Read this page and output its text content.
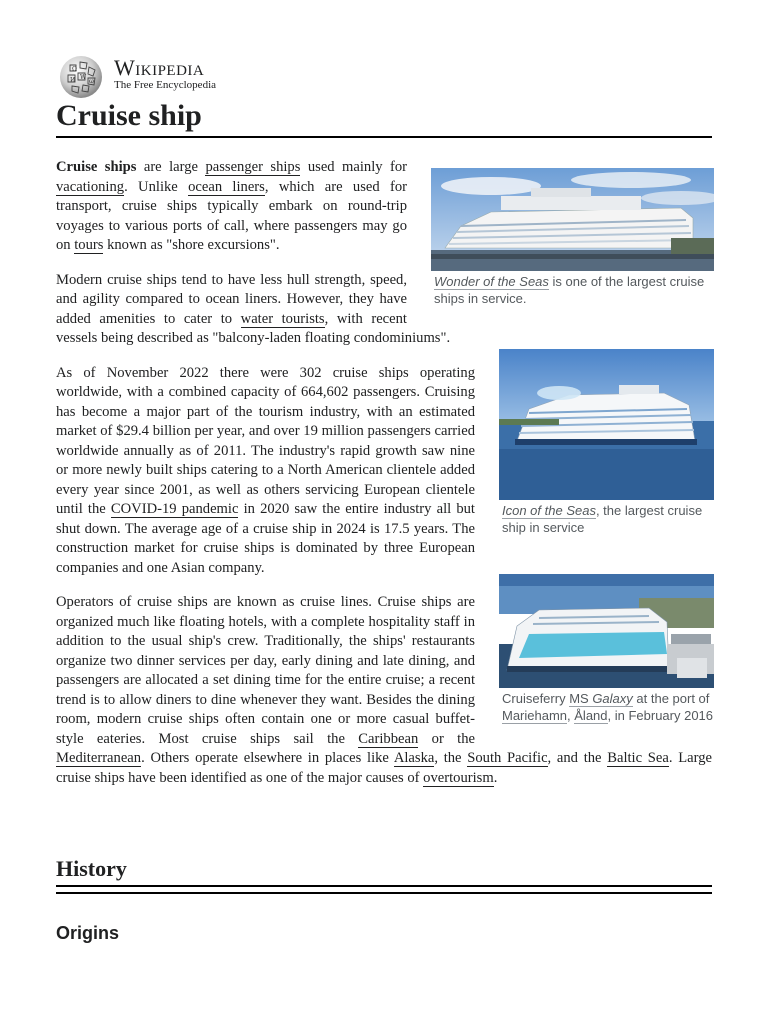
Ω
W
И ω
Wikipedia
The Free Encyclopedia
Cruise ship

Wonder of the Seas is one of the largest cruise ships in service.
Cruise ships are large passenger ships used mainly for vacationing. Unlike ocean liners, which are used for transport, cruise ships typically embark on round-trip voyages to various ports of call, where passengers may go on tours known as "shore excursions".

Modern cruise ships tend to have less hull strength, speed, and agility compared to ocean liners. However, they have added amenities to cater to water tourists, with recent vessels being described as "balcony-laden floating condominiums".
Icon of the Seas, the largest cruise ship in service

As of November 2022 there were 302 cruise ships operating worldwide, with a combined capacity of 664,602 passengers. Cruising has become a major part of the tourism industry, with an estimated market of $29.4 billion per year, and over 19 million passengers carried worldwide annually as of 2011. The industry's rapid growth saw nine or more newly built ships catering to a North American clientele added every year since 2001, as well as others servicing European clientele until the COVID-19 pandemic in 2020 saw the entire industry all but shut down. The average age of a cruise ship in 2024 is 17.5 years. The construction market for cruise ships is dominated by three European companies and one Asian company.
Cruiseferry MS Galaxy at the port of Mariehamn, Åland, in February 2016

Operators of cruise ships are known as cruise lines. Cruise ships are organized much like floating hotels, with a complete hospitality staff in addition to the usual ship's crew. Traditionally, the ships' restaurants organize two dinner services per day, early dining and late dining, and passengers are allocated a set dining time for the entire cruise; a recent trend is to allow diners to dine whenever they want. Besides the dining room, modern cruise ships often contain one or more casual buffet-style eateries. Most cruise ships sail the Caribbean or the Mediterranean. Others operate elsewhere in places like Alaska, the South Pacific, and the Baltic Sea. Large cruise ships have been identified as one of the major causes of overtourism.

History
Origins
